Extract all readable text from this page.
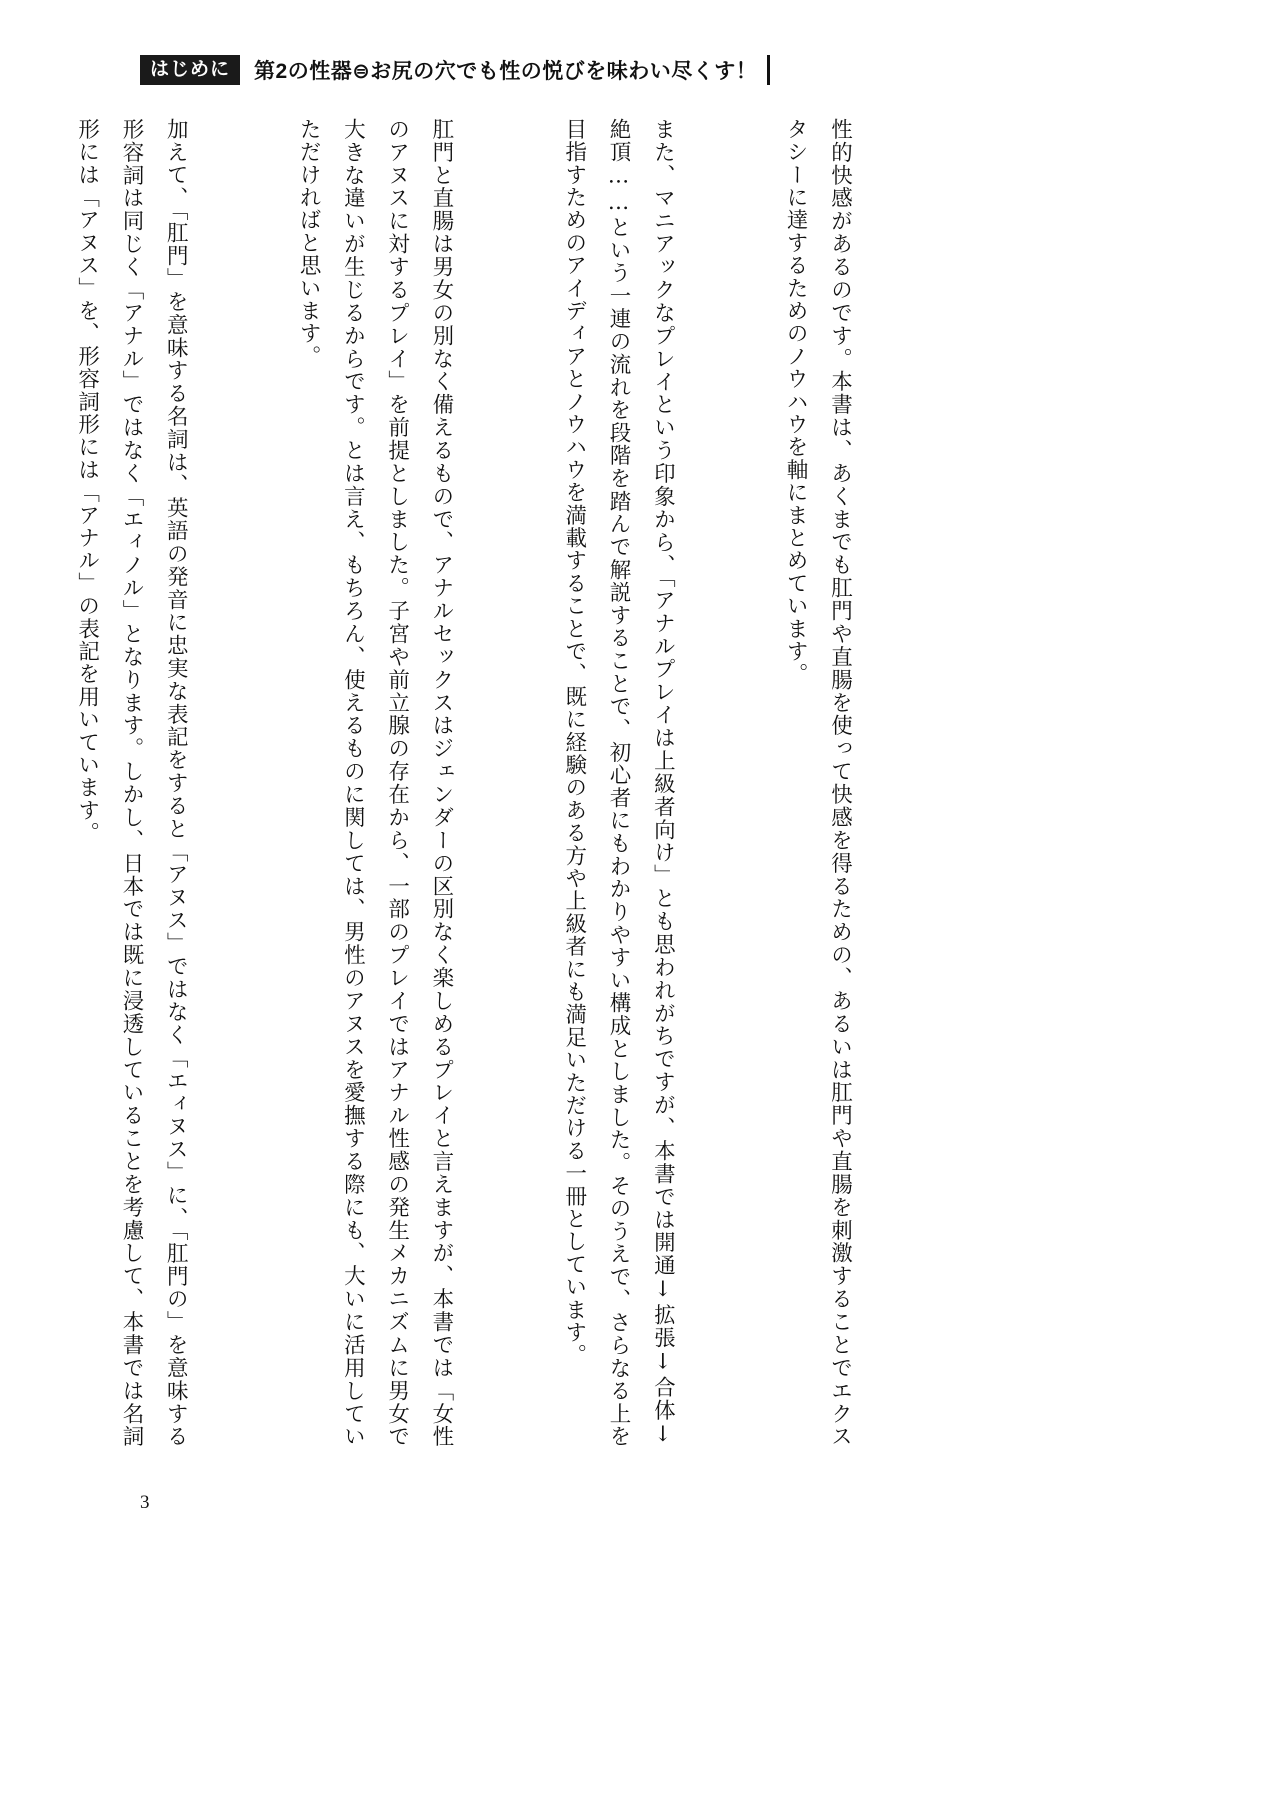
はじめに	第2の性器⊜お尻の穴でも性の悦びを味わい尽くす！

性的快感があるのです。本書は、あくまでも肛門や直腸を使って快感を得るための、あるいは肛門や直腸を刺激することでエクスタシーに達するためのノウハウを軸にまとめています。

また、マニアックなプレイという印象から、「アナルプレイは上級者向け」とも思われがちですが、本書では開通↓拡張↓合体↓絶頂……という一連の流れを段階を踏んで解説することで、初心者にもわかりやすい構成としました。そのうえで、さらなる上を目指すためのアイディアとノウハウを満載することで、既に経験のある方や上級者にも満足いただける一冊としています。

肛門と直腸は男女の別なく備えるもので、アナルセックスはジェンダーの区別なく楽しめるプレイと言えますが、本書では「女性のアヌスに対するプレイ」を前提としました。子宮や前立腺の存在から、一部のプレイではアナル性感の発生メカニズムに男女で大きな違いが生じるからです。とは言え、もちろん、使えるものに関しては、男性のアヌスを愛撫する際にも、大いに活用していただければと思います。

加えて、「肛門」を意味する名詞は、英語の発音に忠実な表記をすると「アヌス」ではなく「エィヌス」に、「肛門の」を意味する形容詞は同じく「アナル」ではなく「エィノル」となります。しかし、日本では既に浸透していることを考慮して、本書では名詞形には「アヌス」を、形容詞形には「アナル」の表記を用いています。

3
